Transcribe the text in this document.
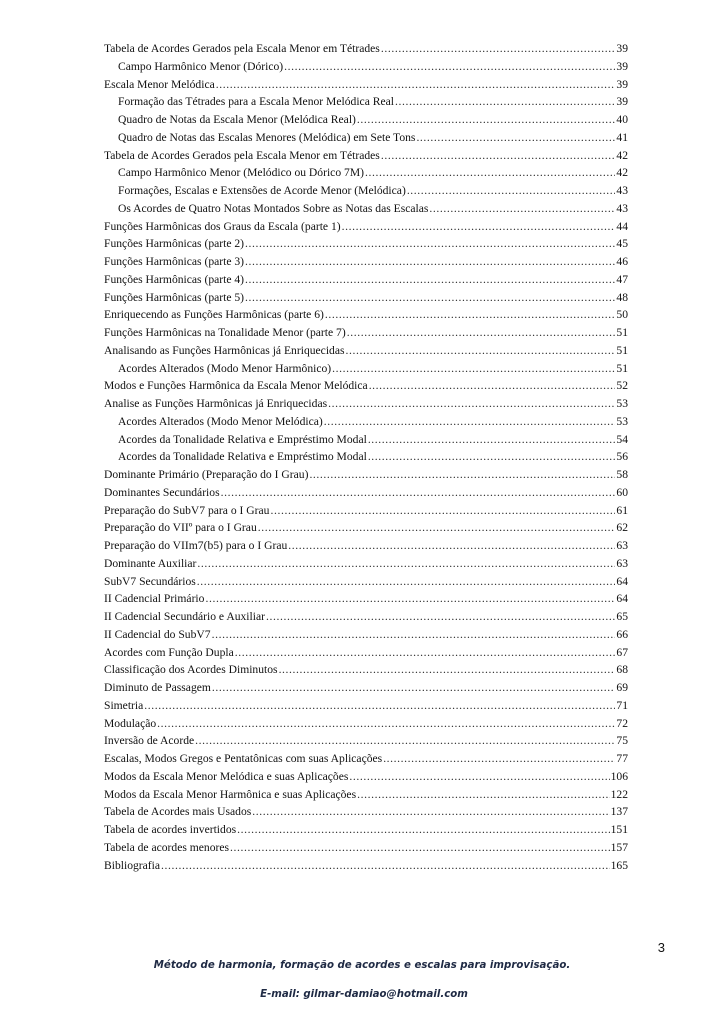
Tabela de Acordes Gerados pela Escala Menor em Tétrades .....	39
Campo Harmônico Menor (Dórico) .....	39
Escala Menor Melódica .....	39
Formação das Tétrades para a Escala Menor Melódica Real .....	39
Quadro de Notas da Escala Menor (Melódica Real) .....	40
Quadro de Notas das Escalas Menores (Melódica) em Sete Tons .....	41
Tabela de Acordes Gerados pela Escala Menor em Tétrades .....	42
Campo Harmônico Menor (Melódico ou Dórico 7M) .....	42
Formações, Escalas e Extensões de Acorde Menor (Melódica) .....	43
Os Acordes de Quatro Notas Montados Sobre as Notas das Escalas .....	43
Funções Harmônicas dos Graus da Escala (parte 1) .....	44
Funções Harmônicas (parte 2) .....	45
Funções Harmônicas (parte 3) .....	46
Funções Harmônicas (parte 4) .....	47
Funções Harmônicas (parte 5) .....	48
Enriquecendo as Funções Harmônicas (parte 6) .....	50
Funções Harmônicas na Tonalidade Menor (parte 7) .....	51
Analisando as Funções Harmônicas já Enriquecidas .....	51
Acordes Alterados (Modo Menor Harmônico) .....	51
Modos e Funções Harmônica da Escala Menor Melódica .....	52
Analise as Funções Harmônicas já Enriquecidas .....	53
Acordes Alterados (Modo Menor Melódica) .....	53
Acordes da Tonalidade Relativa e Empréstimo Modal .....	54
Acordes da Tonalidade Relativa e Empréstimo Modal .....	56
Dominante Primário (Preparação do I Grau) .....	58
Dominantes Secundários .....	60
Preparação do SubV7 para o I Grau .....	61
Preparação do VIIº para o I Grau .....	62
Preparação do VIIm7(b5) para o I Grau .....	63
Dominante Auxiliar .....	63
SubV7 Secundários .....	64
II Cadencial Primário .....	64
II Cadencial Secundário e Auxiliar .....	65
II Cadencial do SubV7 .....	66
Acordes com Função Dupla .....	67
Classificação dos Acordes Diminutos .....	68
Diminuto de Passagem .....	69
Simetria .....	71
Modulação .....	72
Inversão de Acorde .....	75
Escalas, Modos Gregos e Pentatônicas com suas Aplicações .....	77
Modos da Escala Menor Melódica e suas Aplicações .....	106
Modos da Escala Menor Harmônica e suas Aplicações .....	122
Tabela de Acordes mais Usados .....	137
Tabela de acordes invertidos .....	151
Tabela de acordes menores .....	157
Bibliografia .....	165
3
Método de harmonia, formação de acordes e escalas para improvisação.
E-mail: gilmar-damiao@hotmail.com
